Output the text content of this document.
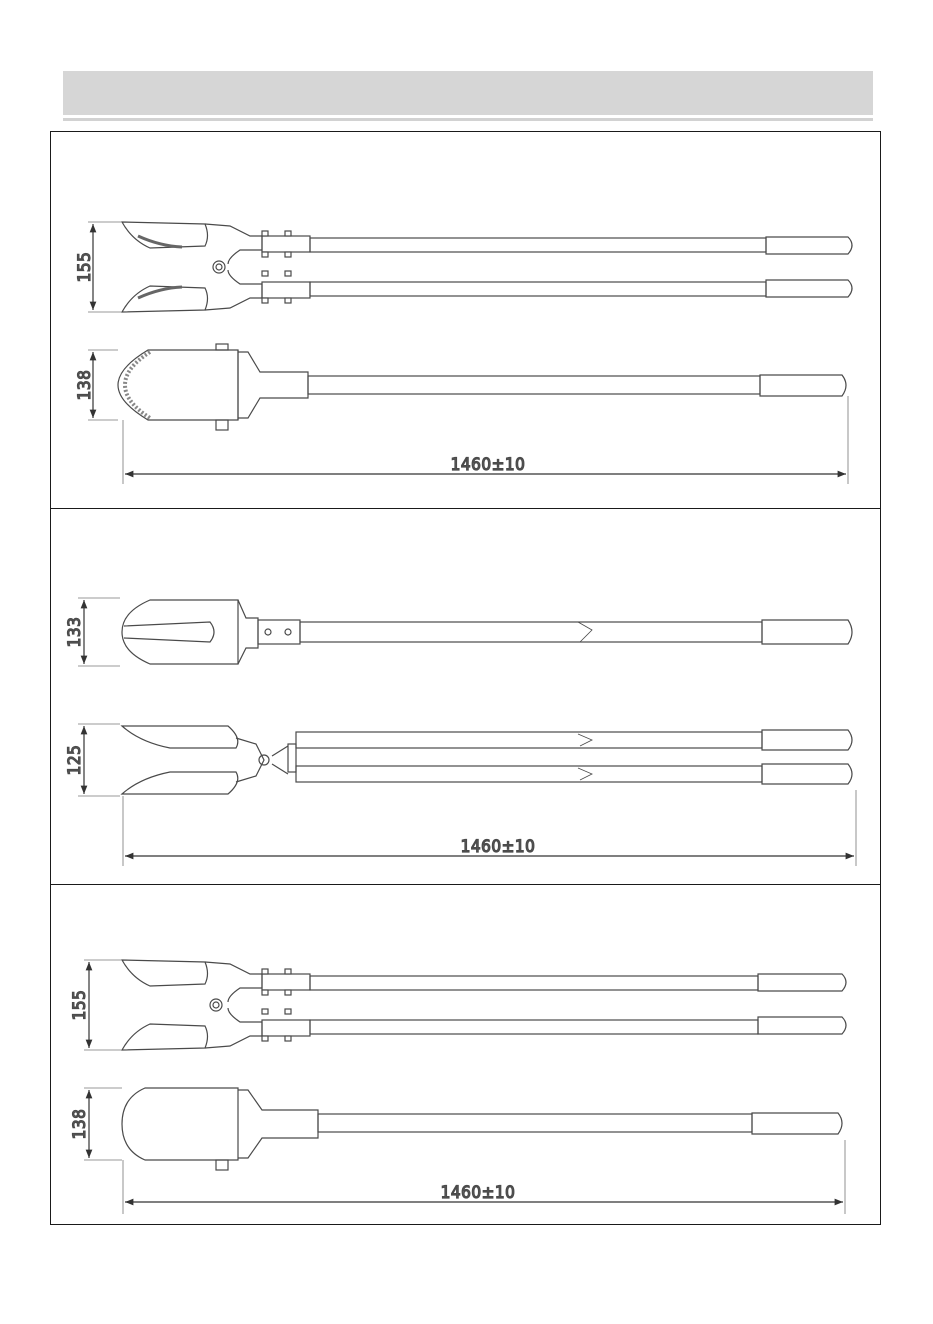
155
138
1460±10
133
125
1460±10
155
138
1460±10
